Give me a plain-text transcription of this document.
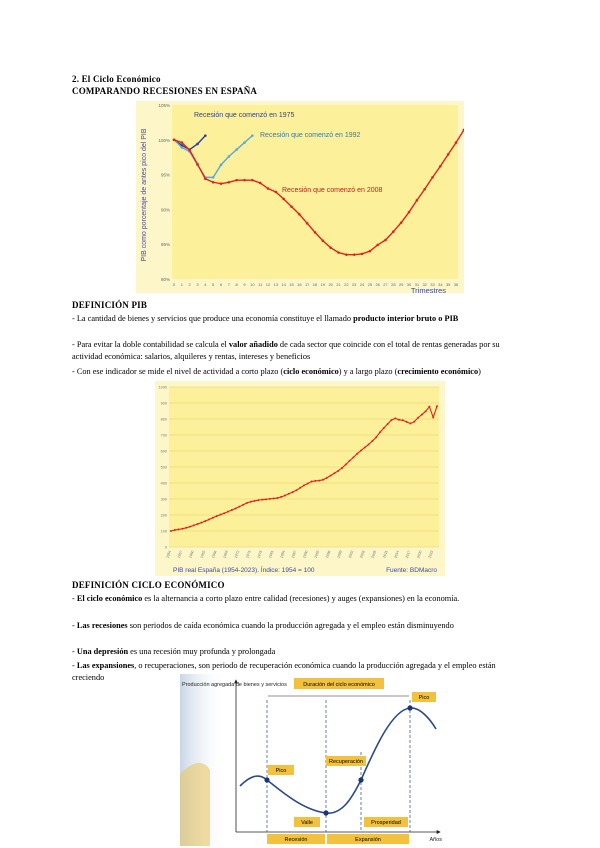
2. El Ciclo Económico
COMPARANDO RECESIONES EN ESPAÑA
PIB como porcentaje de antes pico del PIB
80%
85%
90%
95%
100%
105%
0 1 2 3 4 5 6 7 8 9 10 11 12 13 14 15 16 17 18 19 20 21 22 23 24 25 26 27 28 29 30 31 32 33 34 35 36
Recesión que comenzó en 1975
Recesión que comenzó en 1992
Recesión que comenzó en 2008
Trimestres
DEFINICIÓN PIB
- La cantidad de bienes y servicios que produce una economía constituye el llamado producto interior bruto o PIB
- Para evitar la doble contabilidad se calcula el valor añadido de cada sector que coincide con el total de rentas generadas por su actividad económica: salarios, alquileres y rentas, intereses y beneficios
- Con ese indicador se mide el nivel de actividad a corto plazo (ciclo económico) y a largo plazo (crecimiento económico)
0
100
200
300
400
500
600
700
800
900
1000
1954 1957 1960 1963 1966 1969 1972 1975 1978 1981 1984 1987 1990 1993 1996 1999 2002 2005 2008 2011 2014 2017 2020 2023
PIB real España (1954-2023). Índice: 1954 = 100	Fuente: BDMacro
DEFINICIÓN CICLO ECONÓMICO
- El ciclo económico es la alternancia a corto plazo entre calidad (recesiones) y auges (expansiones) en la economía.
- Las recesiones son periodos de caída económica cuando la producción agregada y el empleo están disminuyendo
- Una depresión es una recesión muy profunda y prolongada
- Las expansiones, o recuperaciones, son periodo de recuperación económica cuando la producción agregada y el empleo están creciendo
Producción agregada de bienes y servicios
Años
Duración del ciclo económico
Pico
Recuperación
Pico
Valle	Prosperidad
Recesión	Expansión
